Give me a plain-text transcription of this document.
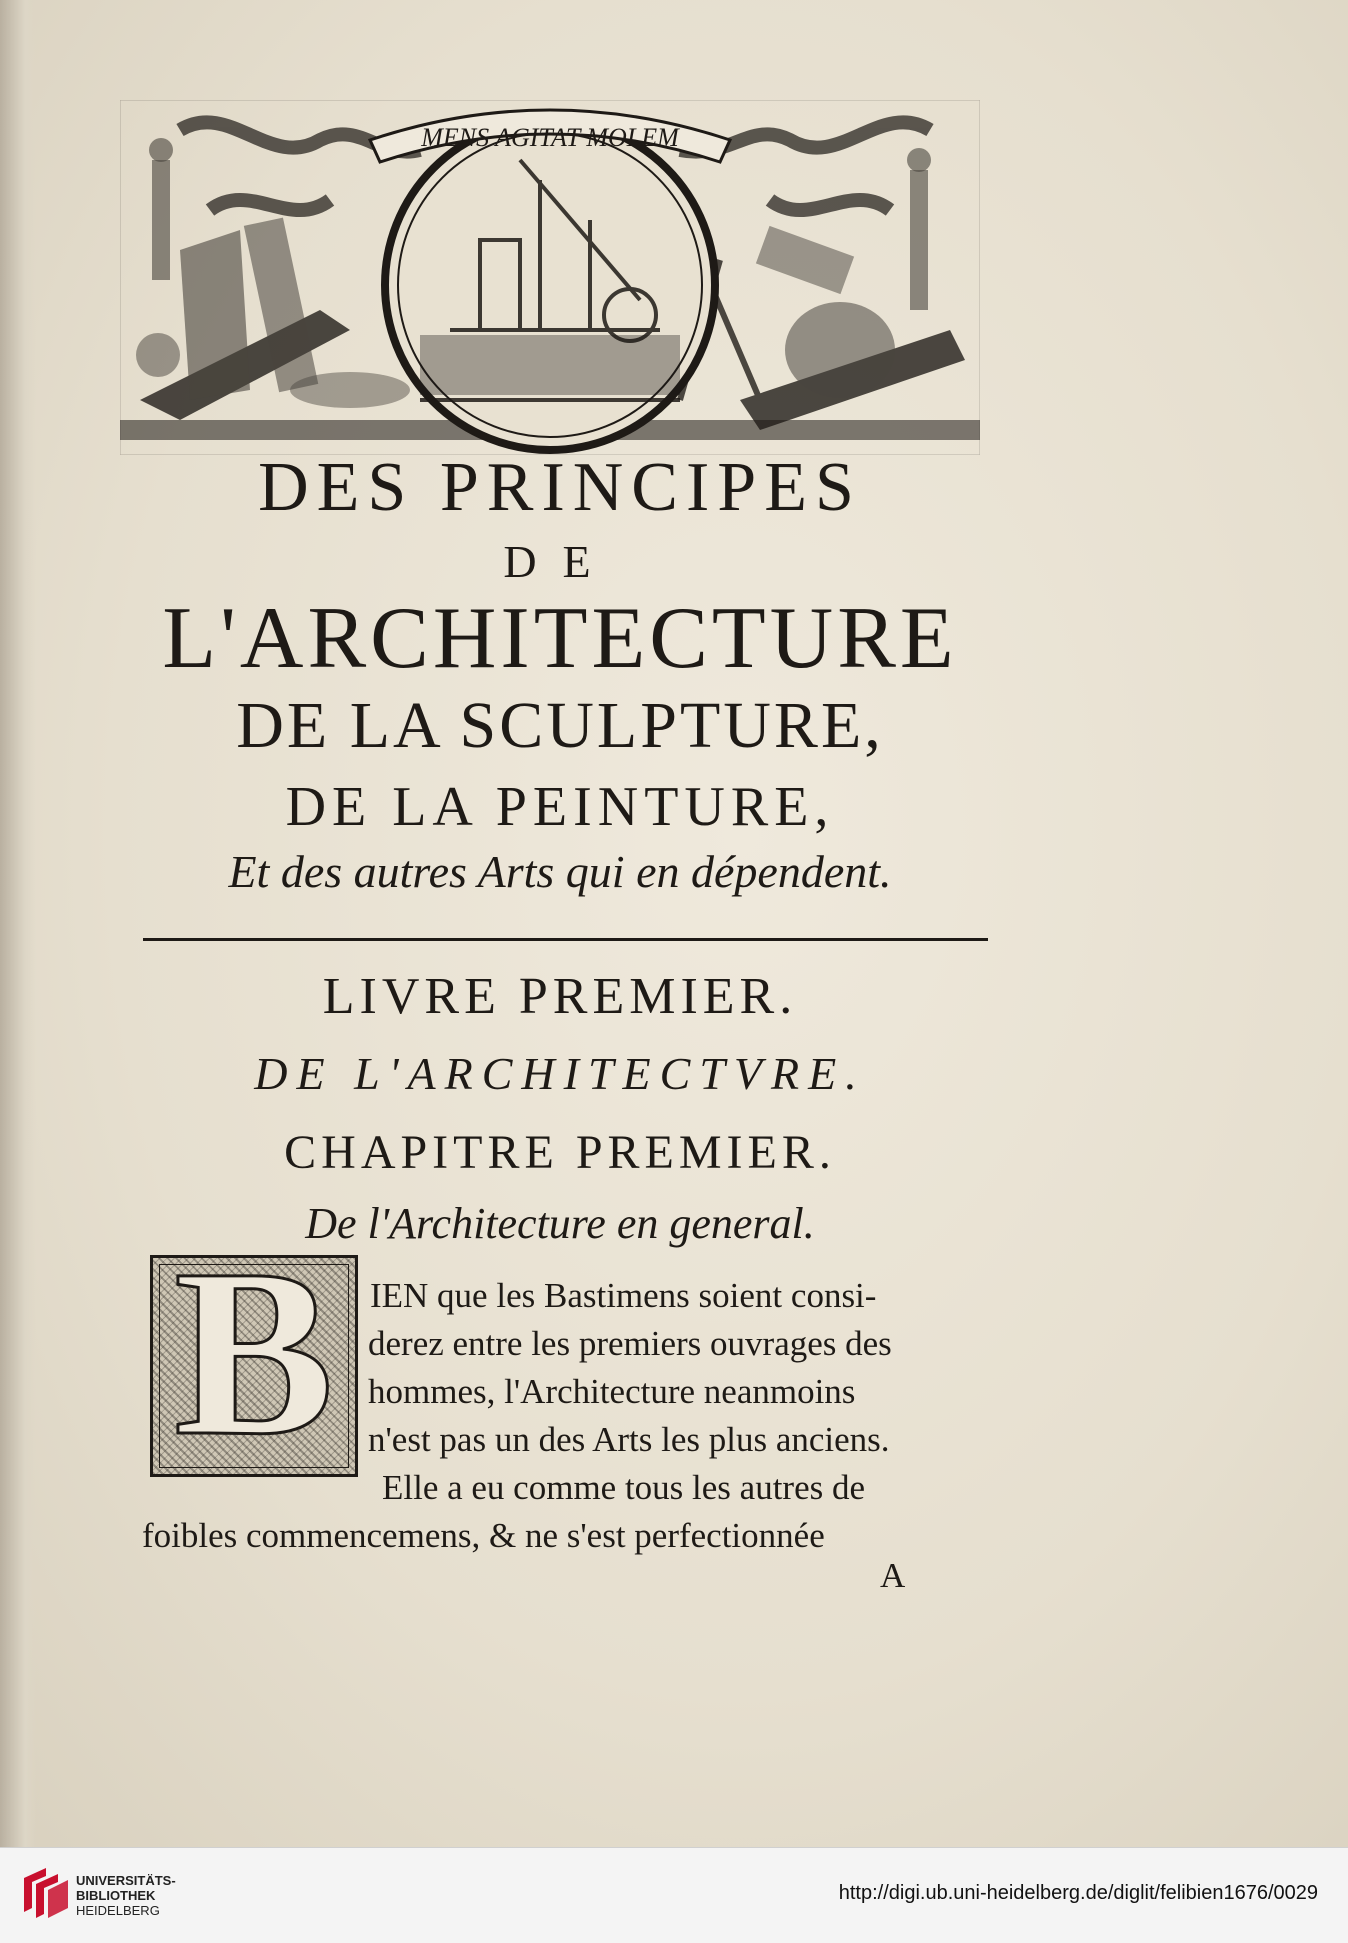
MENS AGITAT MOLEM
DES PRINCIPES
DE
L'ARCHITECTURE
DE LA SCULPTURE,
DE LA PEINTURE,
Et des autres Arts qui en dépendent.
LIVRE PREMIER.
DE L'ARCHITECTVRE.
CHAPITRE PREMIER.
De l'Architecture en general.
B	IEN que les Bastimens soient consi-
derez entre les premiers ouvrages des
hommes, l'Architecture neanmoins
n'est pas un des Arts les plus anciens.
Elle a eu comme tous les autres de
foibles commencemens, & ne s'est perfectionnée
A
UNIVERSITÄTS-
BIBLIOTHEK
HEIDELBERG
http://digi.ub.uni-heidelberg.de/diglit/felibien1676/0029
